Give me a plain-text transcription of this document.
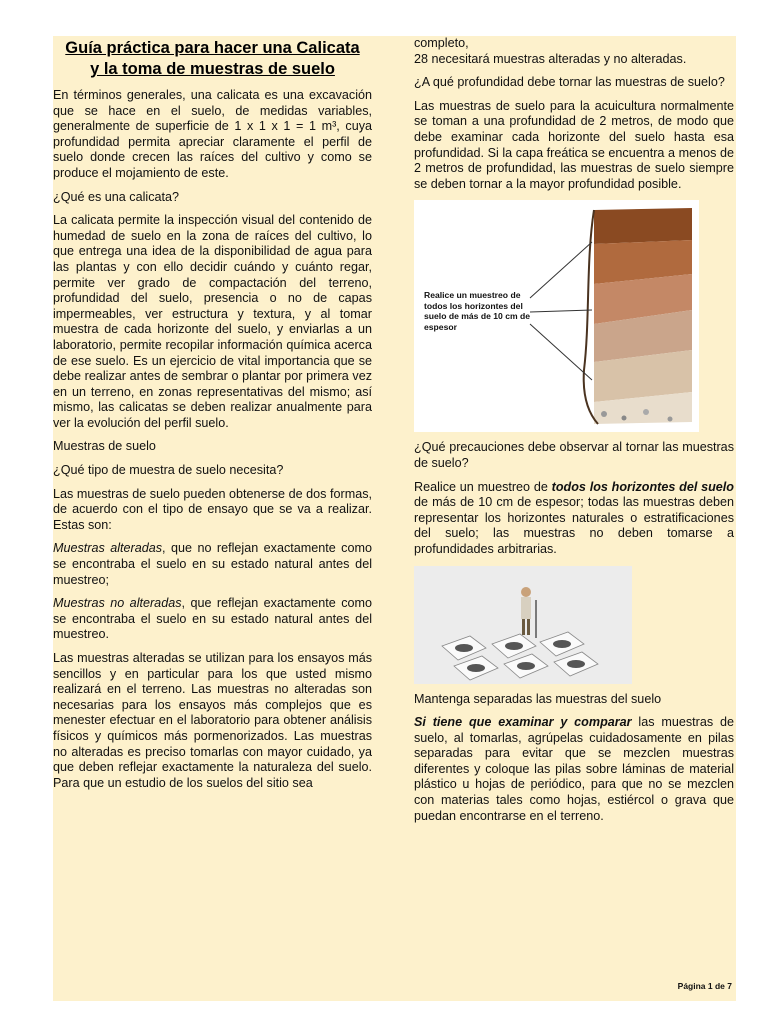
Guía práctica para hacer una Calicata
y la toma de muestras de suelo

En términos generales, una calicata es una excavación que se hace en el suelo, de medidas variables, generalmente de superficie de 1 x 1 x 1 = 1 m³, cuya profundidad permita apreciar claramente el perfil de suelo donde crecen las raíces del cultivo y como se produce el mojamiento de este.

¿Qué es una calicata?

La calicata permite la inspección visual del contenido de humedad de suelo en la zona de raíces del cultivo, lo que entrega una idea de la disponibilidad de agua para las plantas y con ello decidir cuándo y cuánto regar, permite ver grado de compactación del terreno, profundidad del suelo, presencia o no de capas impermeables, ver estructura y textura, y al tomar muestra de cada horizonte del suelo, y enviarlas a un laboratorio, permite recopilar información química acerca de ese suelo. Es un ejercicio de vital importancia que se debe realizar antes de sembrar o plantar por primera vez en un terreno, en zonas representativas del mismo; así mismo, las calicatas se deben realizar anualmente para ver la evolución del perfil suelo.

Muestras de suelo

¿Qué tipo de muestra de suelo necesita?

Las muestras de suelo pueden obtenerse de dos formas, de acuerdo con el tipo de ensayo que se va a realizar. Estas son:

Muestras alteradas, que no reflejan exactamente como se encontraba el suelo en su estado natural antes del muestreo;

Muestras no alteradas, que reflejan exactamente como se encontraba el suelo en su estado natural antes del muestreo.

Las muestras alteradas se utilizan para los ensayos más sencillos y en particular para los que usted mismo realizará en el terreno. Las muestras no alteradas son necesarias para los ensayos más complejos que es menester efectuar en el laboratorio para obtener análisis físicos y químicos más pormenorizados. Las muestras no alteradas es preciso tomarlas con mayor cuidado, ya que deben reflejar exactamente la naturaleza del suelo. Para que un estudio de los suelos del sitio sea

completo,
28 necesitará muestras alteradas y no alteradas.

¿A qué profundidad debe tornar las muestras de suelo?

Las muestras de suelo para la acuicultura normalmente se toman a una profundidad de 2 metros, de modo que debe examinar cada horizonte del suelo hasta esa profundidad. Si la capa freática se encuentra a menos de 2 metros de profundidad, las muestras de suelo siempre se deben tornar a la mayor profundidad posible.

Realice un muestreo de todos los horizontes del suelo de más de 10 cm de espesor

¿Qué precauciones debe observar al tornar las muestras de suelo?

Realice un muestreo de todos los horizontes del suelo de más de 10 cm de espesor; todas las muestras deben representar los horizontes naturales o estratificaciones del suelo; las muestras no deben tomarse a profundidades arbitrarias.

Mantenga separadas las muestras del suelo

Si tiene que examinar y comparar las muestras de suelo, al tomarlas, agrúpelas cuidadosamente en pilas separadas para evitar que se mezclen muestras diferentes y coloque las pilas sobre láminas de material plástico u hojas de periódico, para que no se mezclen con materias tales como hojas, estiércol o grava que puedan encontrarse en el terreno.

Página 1 de 7
